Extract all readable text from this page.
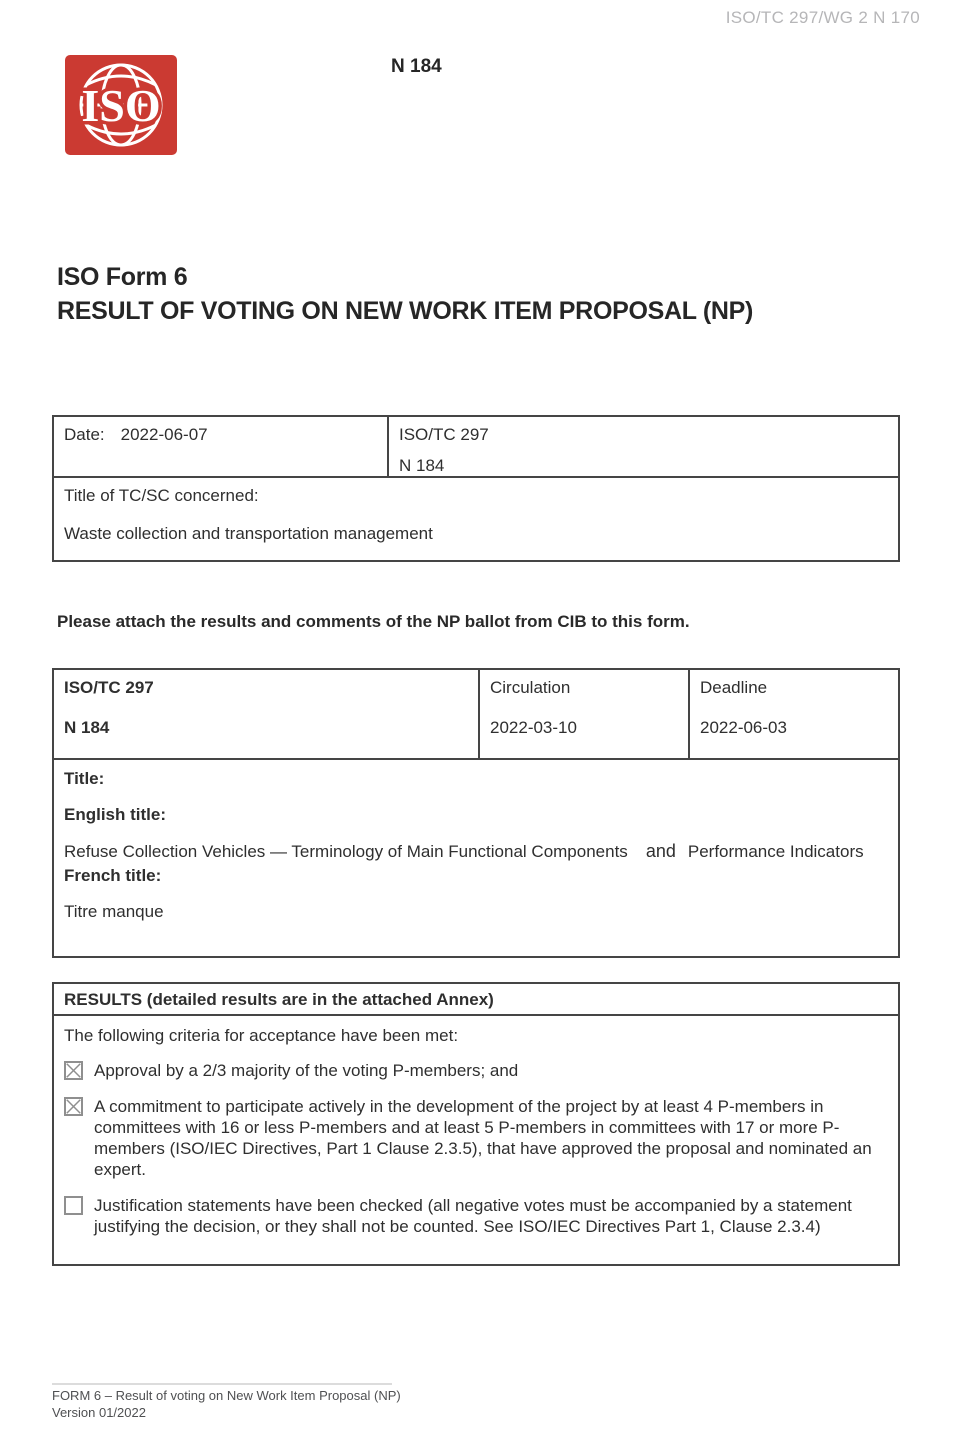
ISO/TC 297/WG 2 N 170
ISO
N 184
ISO Form 6
RESULT OF VOTING ON NEW WORK ITEM PROPOSAL (NP)
Date: 2022-06-07	ISO/TC 297
N 184
Title of TC/SC concerned:
Waste collection and transportation management
Please attach the results and comments of the NP ballot from CIB to this form.
ISO/TC 297
N 184
Circulation
2022-03-10
Deadline
2022-06-03
Title:
English title:
Refuse Collection Vehicles — Terminology of Main Functional Components and Performance Indicators
French title:
Titre manque
RESULTS (detailed results are in the attached Annex)
The following criteria for acceptance have been met:
Approval by a 2/3 majority of the voting P-members; and
A commitment to participate actively in the development of the project by at least 4 P-members in committees with 16 or less P-members and at least 5 P-members in committees with 17 or more P-members (ISO/IEC Directives, Part 1 Clause 2.3.5), that have approved the proposal and nominated an expert.
Justification statements have been checked (all negative votes must be accompanied by a statement justifying the decision, or they shall not be counted. See ISO/IEC Directives Part 1, Clause 2.3.4)
FORM 6 – Result of voting on New Work Item Proposal (NP)
Version 01/2022
